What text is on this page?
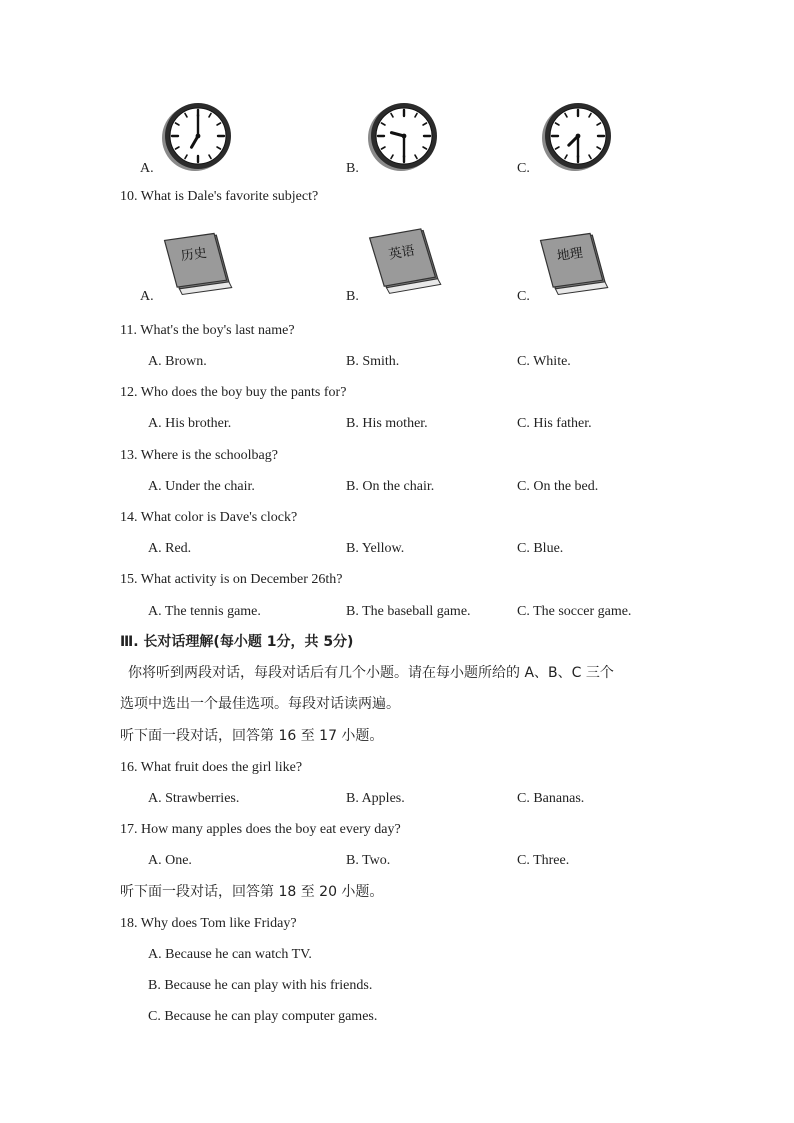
A.	B.	C.
10. What is Dale's favorite subject?
A.
历史
B.
英语
C.
地理
11. What's the boy's last name?
A. Brown.	B. Smith.	C. White.
12. Who does the boy buy the pants for?
A. His brother.	B. His mother.	C. His father.
13. Where is the schoolbag?
A. Under the chair.	B. On the chair.	C. On the bed.
14. What color is Dave's clock?
A. Red.	B. Yellow.	C. Blue.
15. What activity is on December 26th?
A. The tennis game.	B. The baseball game.	C. The soccer game.
Ⅲ. 长对话理解(每小题 1分，共 5分)
你将听到两段对话，每段对话后有几个小题。请在每小题所给的 A、B、C 三个
选项中选出一个最佳选项。每段对话读两遍。
听下面一段对话，回答第 16 至 17 小题。
16. What fruit does the girl like?
A. Strawberries.	B. Apples.	C. Bananas.
17. How many apples does the boy eat every day?
A. One.	B. Two.	C. Three.
听下面一段对话，回答第 18 至 20 小题。
18. Why does Tom like Friday?
A. Because he can watch TV.
B. Because he can play with his friends.
C. Because he can play computer games.
